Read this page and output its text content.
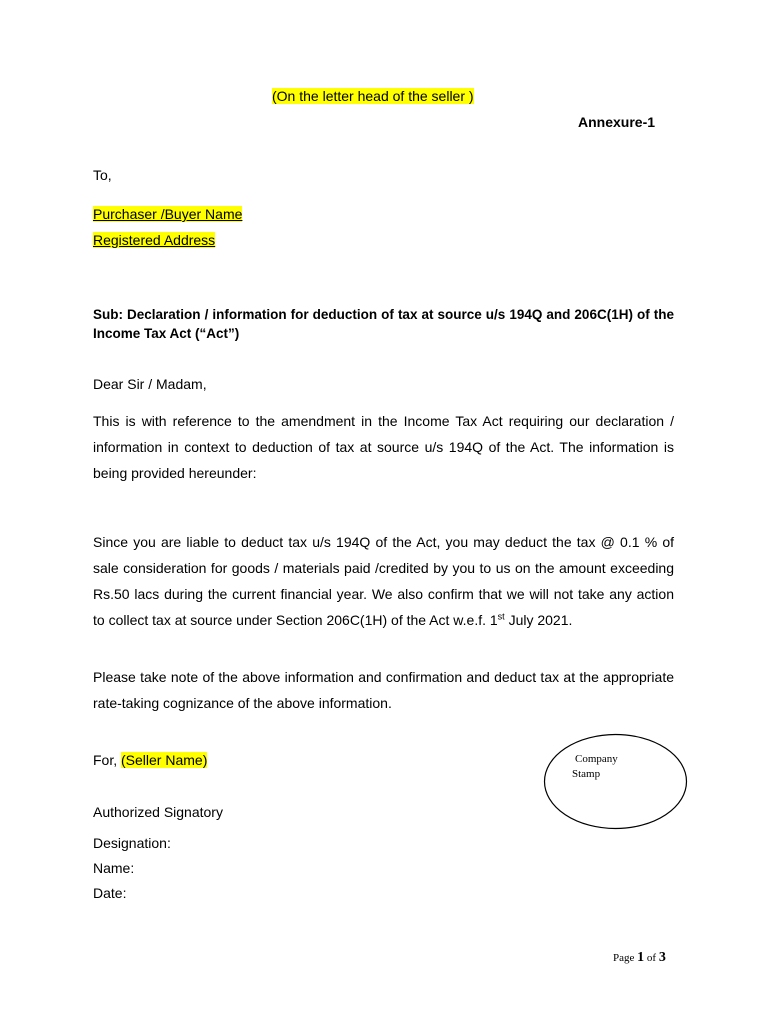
(On the letter head of the seller )
Annexure-1
To,
Purchaser /Buyer Name
Registered Address
Sub: Declaration / information for deduction of tax at source u/s 194Q and 206C(1H) of the Income Tax Act (“Act”)
Dear Sir / Madam,
This is with reference to the amendment in the Income Tax Act requiring our declaration / information in context to deduction of tax at source u/s 194Q of the Act. The information is being provided hereunder:
Since you are liable to deduct tax u/s 194Q of the Act, you may deduct the tax @ 0.1 % of sale consideration for goods / materials paid /credited by you to us on the amount exceeding Rs.50 lacs during the current financial year. We also confirm that we will not take any action to collect tax at source under Section 206C(1H) of the Act w.e.f. 1st July 2021.
Please take note of the above information and confirmation and deduct tax at the appropriate rate-taking cognizance of the above information.
For, (Seller Name)	Company
Stamp
Authorized Signatory
Designation:
Name:
Date:
Page 1 of 3
